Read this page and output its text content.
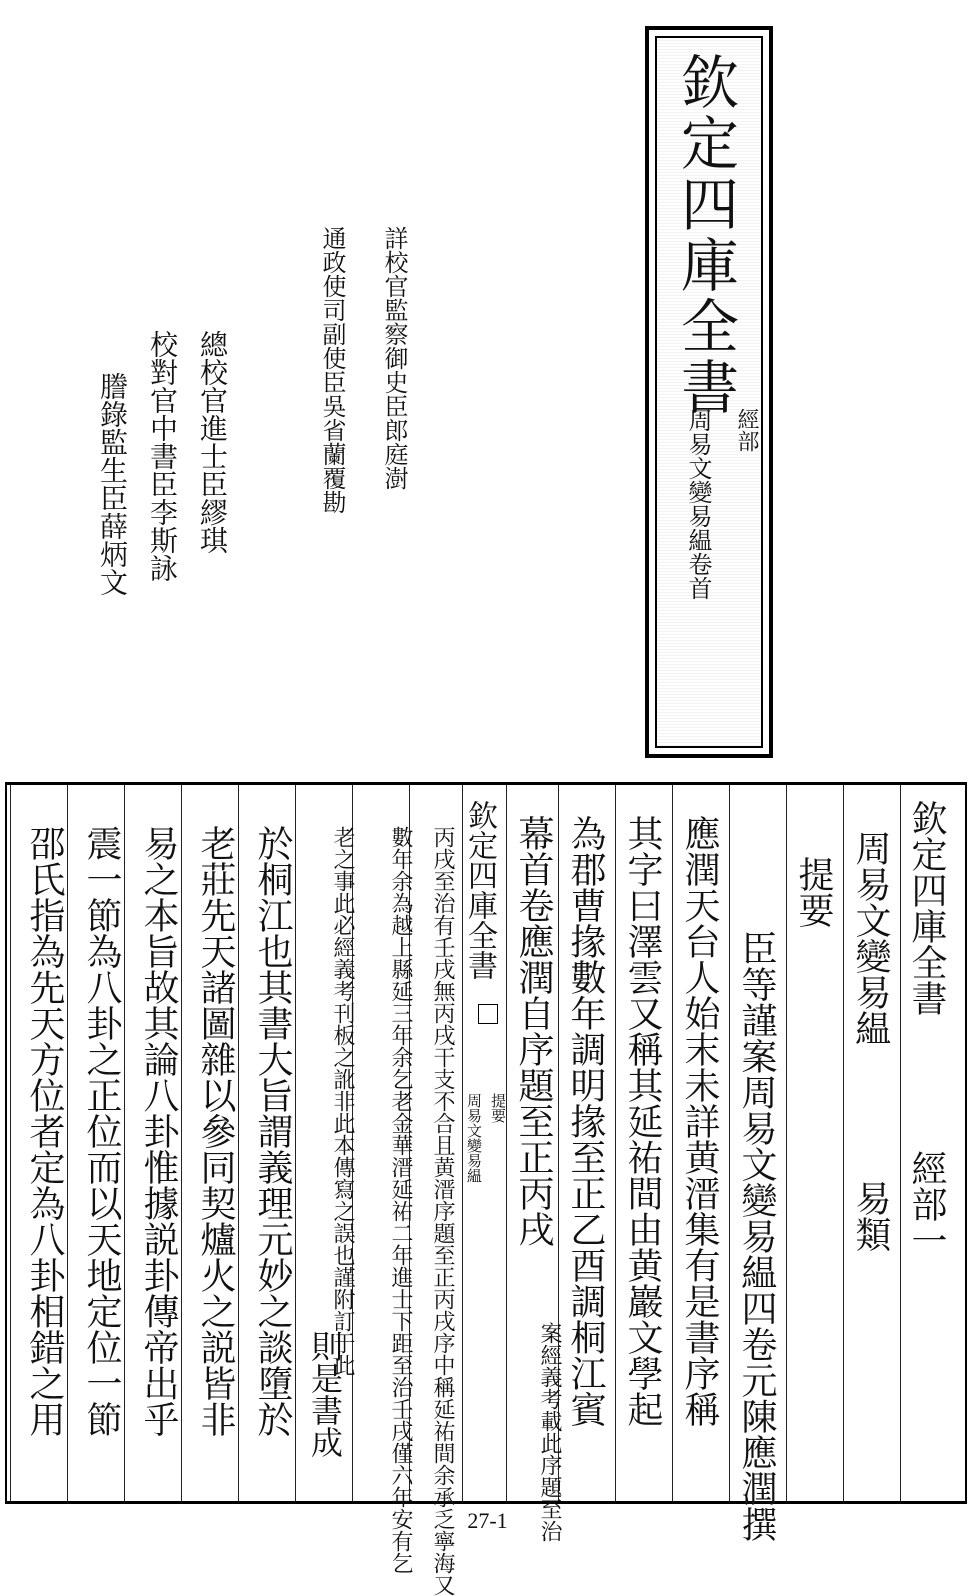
欽定四庫全書
經部
周易文變易緼卷首
詳校官監察御史臣郎庭澍
通政使司副使臣吳省蘭覆勘
總校官進士臣繆琪
校對官中書臣李斯詠
謄錄監生臣薛炳文
欽定四庫全書
經部一
周易文變易緼
易類
提要
臣等謹案周易文變易緼四卷元陳應潤撰
應潤天台人始末未詳黄溍集有是書序稱
其字曰澤雲又稱其延祐間由黄巖文學起
為郡曹掾數年調明掾至正乙酉調桐江賓
幕首卷應潤自序題至正丙戌
案經義考載此序題至治
欽定四庫全書
周易文變易緼 提要
丙戌至治有壬戌無丙戌干支不合且黄溍序題至正丙戌序中稱延祐間余承乏寧海又
數年余為越上縣延三年余乞老金華溍延祐二年進士下距至治壬戌僅六年安有乞
老之事此必經義考刊板之訛非此本傳寫之誤也謹附訂于此
則是書成
於桐江也其書大旨謂義理元妙之談墮於
老莊先天諸圖雜以參同契爐火之説皆非
易之本旨故其論八卦惟據説卦傳帝出乎
震一節為八卦之正位而以天地定位一節
邵氏指為先天方位者定為八卦相錯之用
27-1
